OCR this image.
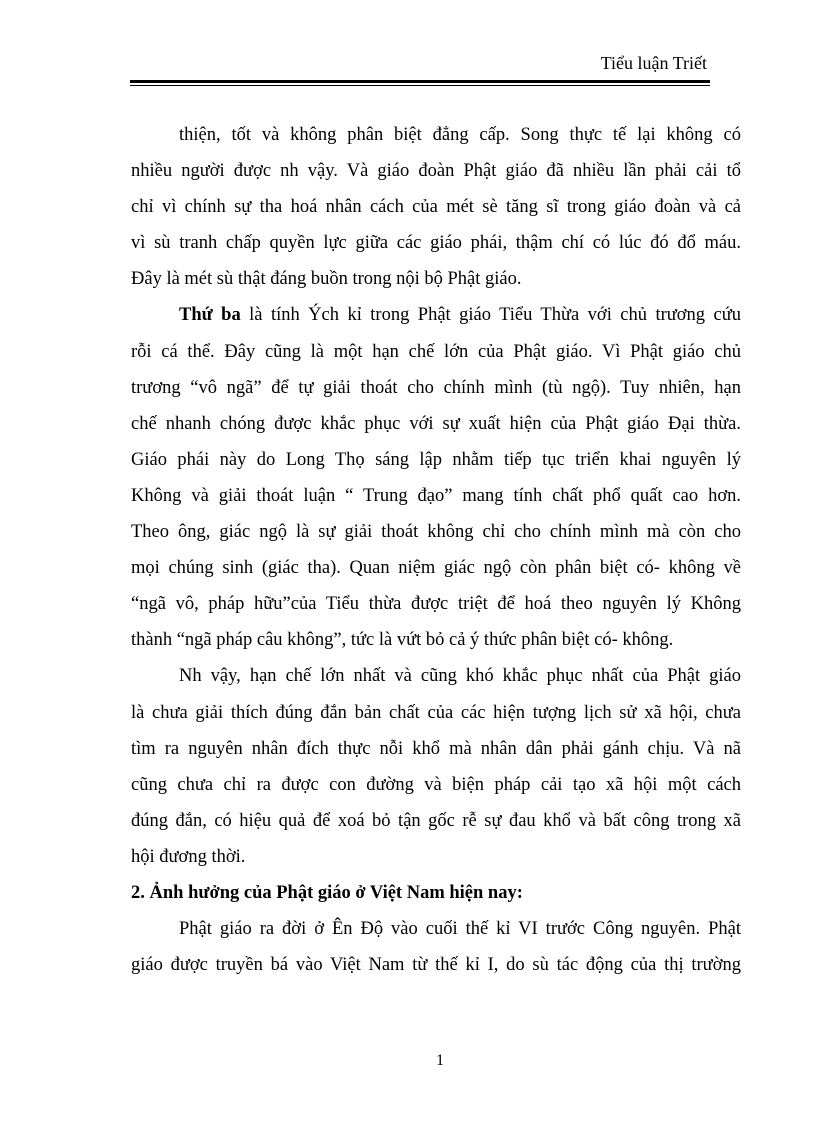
Tiểu luận Triết

thiện, tốt và không phân biệt đẳng cấp. Song thực tế lại không có
nhiều người được nh vậy. Và giáo đoàn Phật giáo đã nhiều lần phải cải tổ
chỉ vì chính sự tha hoá nhân cách của mét sè tăng sĩ trong giáo đoàn và cả
vì sù tranh chấp quyền lực giữa các giáo phái, thậm chí có lúc đó đổ máu.
Đây là mét sù thật đáng buồn trong nội bộ Phật giáo.

Thứ ba là tính Ých kỉ trong Phật giáo Tiểu Thừa với chủ trương cứu
rỗi cá thể. Đây cũng là một hạn chế lớn của Phật giáo. Vì Phật giáo chủ
trương “vô ngã” để tự giải thoát cho chính mình (tù ngộ). Tuy nhiên, hạn
chế nhanh chóng được khắc phục với sự xuất hiện của Phật giáo Đại thừa.
Giáo phái này do Long Thọ sáng lập nhằm tiếp tục triển khai nguyên lý
Không và giải thoát luận “ Trung đạo” mang tính chất phổ quất cao hơn.
Theo ông, giác ngộ là sự giải thoát không chỉ cho chính mình mà còn cho
mọi chúng sinh (giác tha). Quan niệm giác ngộ còn phân biệt có- không về
“ngã vô, pháp hữu”của Tiểu thừa được triệt để hoá theo nguyên lý Không
thành “ngã pháp câu không”, tức là vứt bỏ cả ý thức phân biệt có- không.

Nh vậy, hạn chế lớn nhất và cũng khó khắc phục nhất của Phật giáo
là chưa giải thích đúng đắn bản chất của các hiện tượng lịch sử xã hội, chưa
tìm ra nguyên nhân đích thực nỗi khổ mà nhân dân phải gánh chịu. Và nã
cũng chưa chỉ ra được con đường và biện pháp cải tạo xã hội một cách
đúng đắn, có hiệu quả để xoá bỏ tận gốc rễ sự đau khổ và bất công trong xã
hội đương thời.

2. Ảnh hưởng của Phật giáo ở Việt Nam hiện nay:

Phật giáo ra đời ở Ên Độ vào cuối thế kỉ VI trước Công nguyên. Phật
giáo được truyền bá vào Việt Nam từ thế kỉ I, do sù tác động của thị trường

1
